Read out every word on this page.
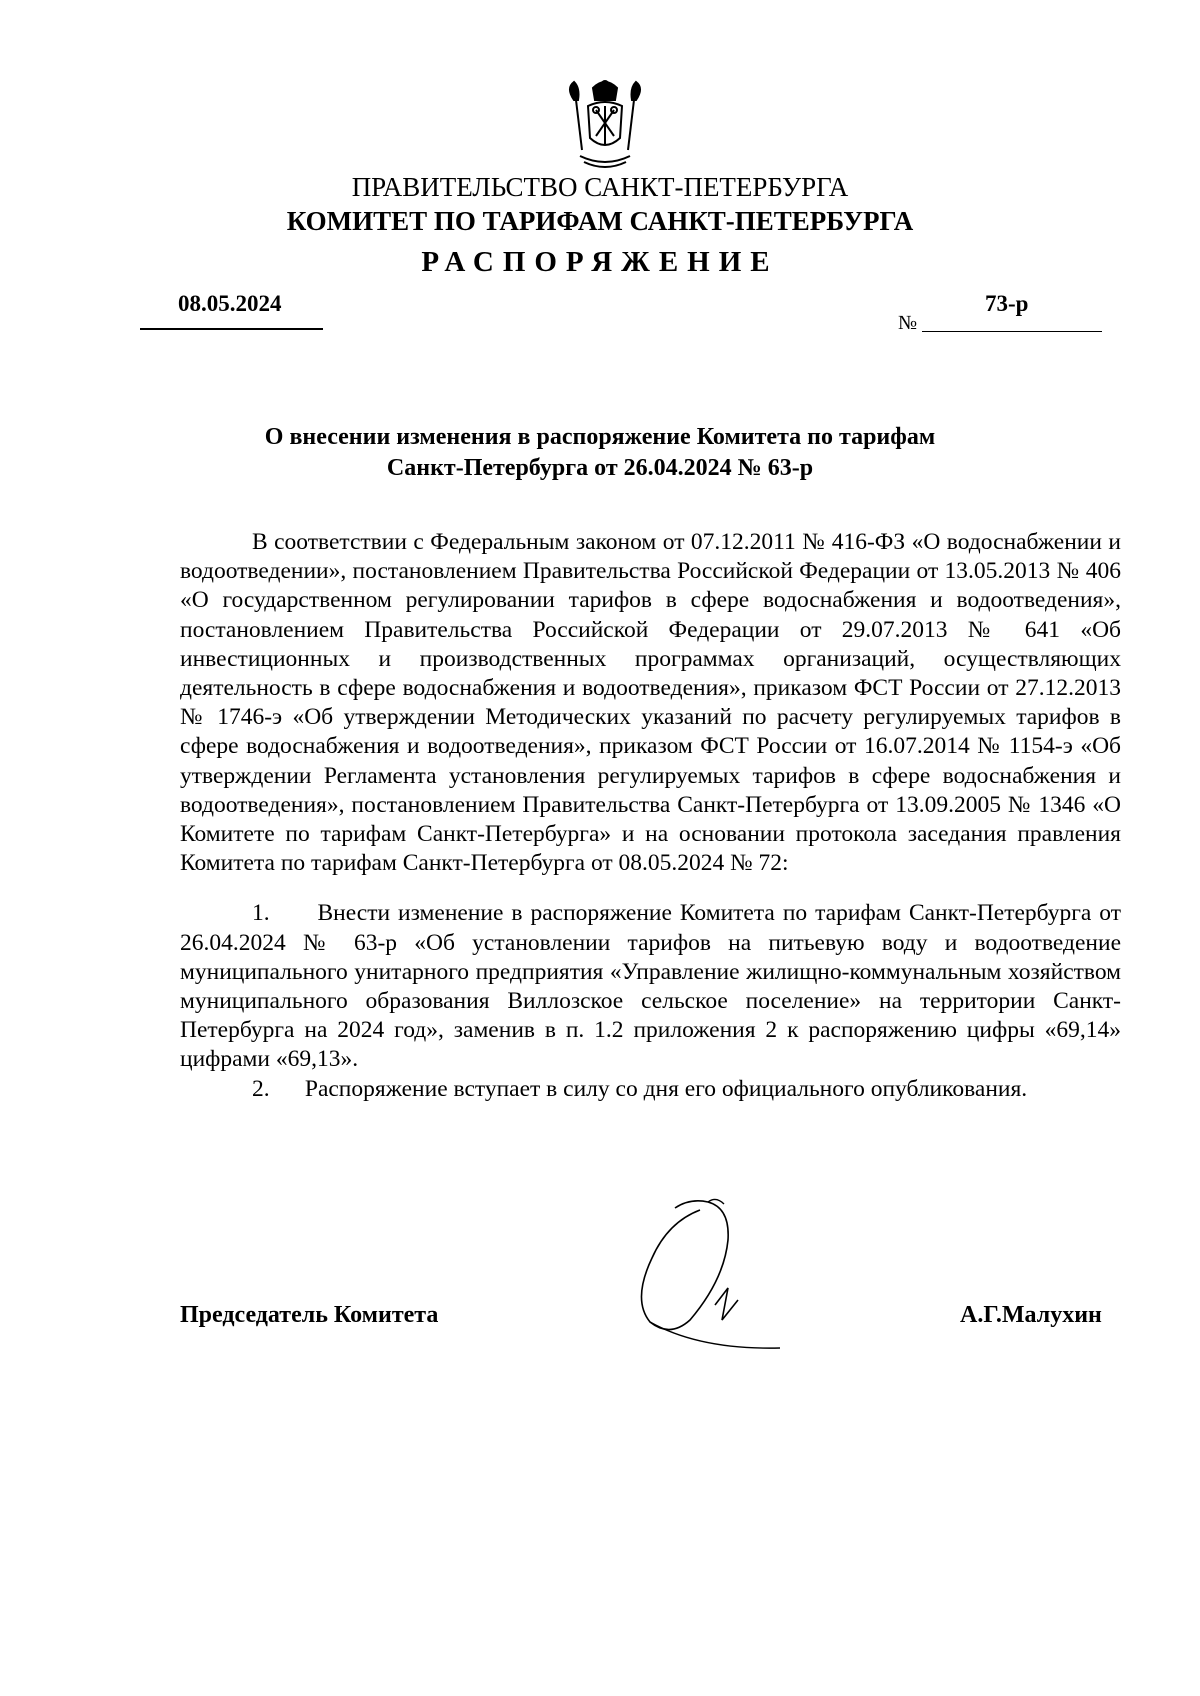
ПРАВИТЕЛЬСТВО САНКТ-ПЕТЕРБУРГА
КОМИТЕТ ПО ТАРИФАМ САНКТ-ПЕТЕРБУРГА
РАСПОРЯЖЕНИЕ
08.05.2024
№
73-р
О внесении изменения в распоряжение Комитета по тарифам
Санкт-Петербурга от 26.04.2024 № 63-р

В соответствии с Федеральным законом от 07.12.2011 № 416-ФЗ «О водоснабжении и водоотведении», постановлением Правительства Российской Федерации от 13.05.2013 № 406 «О государственном регулировании тарифов в сфере водоснабжения и водоотведения», постановлением Правительства Российской Федерации от 29.07.2013 № 641 «Об инвестиционных и производственных программах организаций, осуществляющих деятельность в сфере водоснабжения и водоотведения», приказом ФСТ России от 27.12.2013 № 1746-э «Об утверждении Методических указаний по расчету регулируемых тарифов в сфере водоснабжения и водоотведения», приказом ФСТ России от 16.07.2014 № 1154-э «Об утверждении Регламента установления регулируемых тарифов в сфере водоснабжения и водоотведения», постановлением Правительства Санкт-Петербурга от 13.09.2005 № 1346 «О Комитете по тарифам Санкт-Петербурга» и на основании протокола заседания правления Комитета по тарифам Санкт-Петербурга от 08.05.2024 № 72:

1. Внести изменение в распоряжение Комитета по тарифам Санкт-Петербурга от 26.04.2024 № 63-р «Об установлении тарифов на питьевую воду и водоотведение муниципального унитарного предприятия «Управление жилищно-коммунальным хозяйством муниципального образования Виллозское сельское поселение» на территории Санкт-Петербурга на 2024 год», заменив в п. 1.2 приложения 2 к распоряжению цифры «69,14» цифрами «69,13».

2. Распоряжение вступает в силу со дня его официального опубликования.

Председатель Комитета	А.Г.Малухин
